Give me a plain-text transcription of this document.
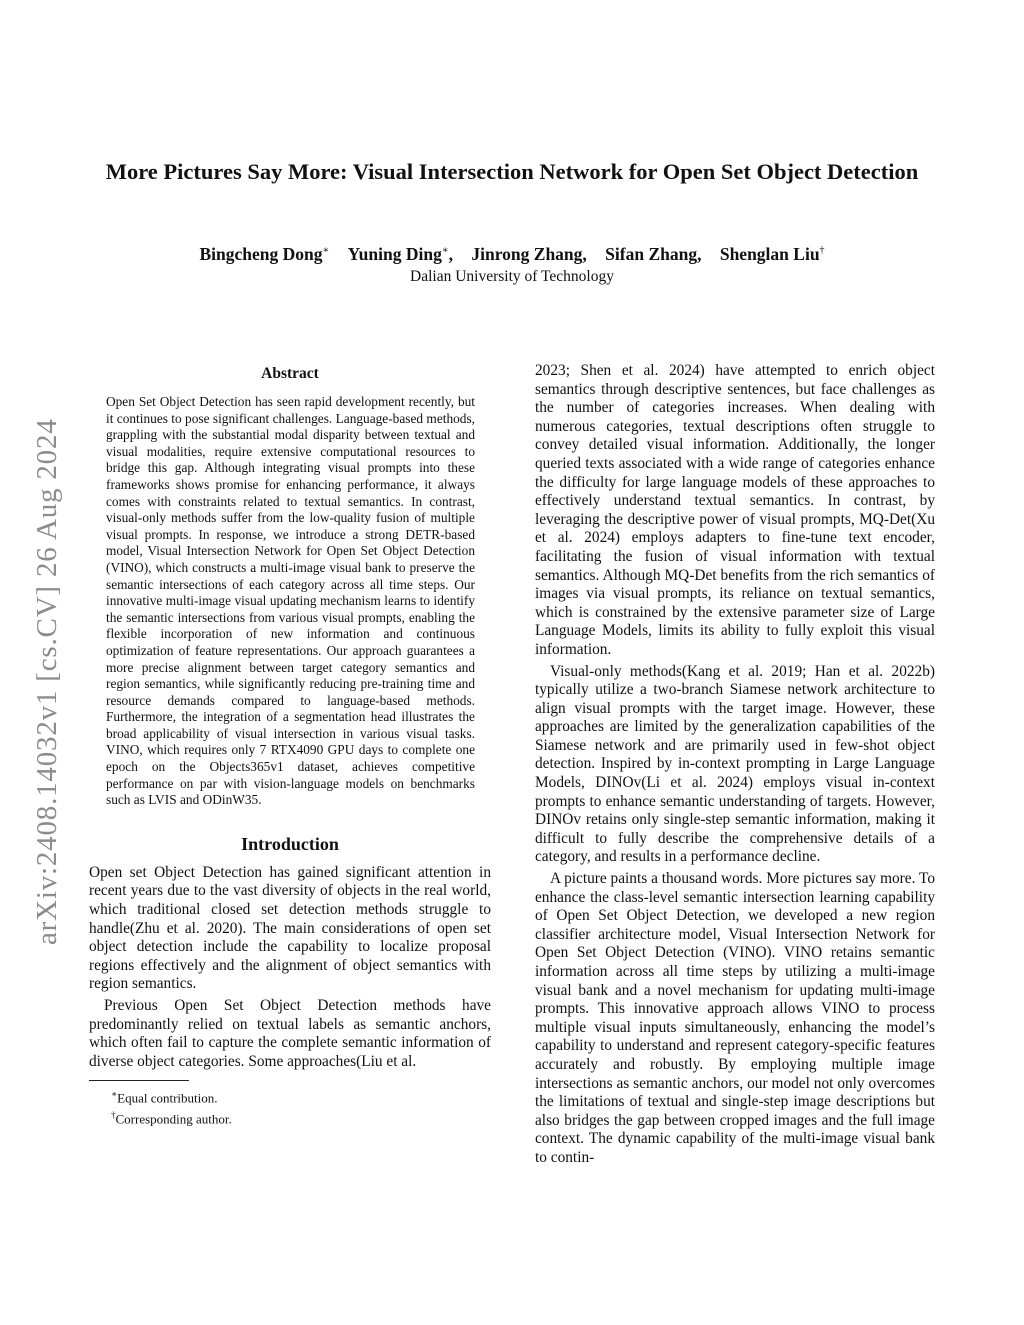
arXiv:2408.14032v1 [cs.CV] 26 Aug 2024
More Pictures Say More: Visual Intersection Network for Open Set Object Detection
Bingcheng Dong∗ Yuning Ding∗, Jinrong Zhang, Sifan Zhang, Shenglan Liu†
Dalian University of Technology
Abstract
Open Set Object Detection has seen rapid development recently, but it continues to pose significant challenges. Language-based methods, grappling with the substantial modal disparity between textual and visual modalities, require extensive computational resources to bridge this gap. Although integrating visual prompts into these frameworks shows promise for enhancing performance, it always comes with constraints related to textual semantics. In contrast, visual-only methods suffer from the low-quality fusion of multiple visual prompts. In response, we introduce a strong DETR-based model, Visual Intersection Network for Open Set Object Detection (VINO), which constructs a multi-image visual bank to preserve the semantic intersections of each category across all time steps. Our innovative multi-image visual updating mechanism learns to identify the semantic intersections from various visual prompts, enabling the flexible incorporation of new information and continuous optimization of feature representations. Our approach guarantees a more precise alignment between target category semantics and region semantics, while significantly reducing pre-training time and resource demands compared to language-based methods. Furthermore, the integration of a segmentation head illustrates the broad applicability of visual intersection in various visual tasks. VINO, which requires only 7 RTX4090 GPU days to complete one epoch on the Objects365v1 dataset, achieves competitive performance on par with vision-language models on benchmarks such as LVIS and ODinW35.
Introduction

Open set Object Detection has gained significant attention in recent years due to the vast diversity of objects in the real world, which traditional closed set detection methods struggle to handle(Zhu et al. 2020). The main considerations of open set object detection include the capability to localize proposal regions effectively and the alignment of object semantics with region semantics.

Previous Open Set Object Detection methods have predominantly relied on textual labels as semantic anchors, which often fail to capture the complete semantic information of diverse object categories. Some approaches(Liu et al.

∗Equal contribution.
†Corresponding author.

2023; Shen et al. 2024) have attempted to enrich object semantics through descriptive sentences, but face challenges as the number of categories increases. When dealing with numerous categories, textual descriptions often struggle to convey detailed visual information. Additionally, the longer queried texts associated with a wide range of categories enhance the difficulty for large language models of these approaches to effectively understand textual semantics. In contrast, by leveraging the descriptive power of visual prompts, MQ-Det(Xu et al. 2024) employs adapters to fine-tune text encoder, facilitating the fusion of visual information with textual semantics. Although MQ-Det benefits from the rich semantics of images via visual prompts, its reliance on textual semantics, which is constrained by the extensive parameter size of Large Language Models, limits its ability to fully exploit this visual information.

Visual-only methods(Kang et al. 2019; Han et al. 2022b) typically utilize a two-branch Siamese network architecture to align visual prompts with the target image. However, these approaches are limited by the generalization capabilities of the Siamese network and are primarily used in few-shot object detection. Inspired by in-context prompting in Large Language Models, DINOv(Li et al. 2024) employs visual in-context prompts to enhance semantic understanding of targets. However, DINOv retains only single-step semantic information, making it difficult to fully describe the comprehensive details of a category, and results in a performance decline.

A picture paints a thousand words. More pictures say more. To enhance the class-level semantic intersection learning capability of Open Set Object Detection, we developed a new region classifier architecture model, Visual Intersection Network for Open Set Object Detection (VINO). VINO retains semantic information across all time steps by utilizing a multi-image visual bank and a novel mechanism for updating multi-image prompts. This innovative approach allows VINO to process multiple visual inputs simultaneously, enhancing the model’s capability to understand and represent category-specific features accurately and robustly. By employing multiple image intersections as semantic anchors, our model not only overcomes the limitations of textual and single-step image descriptions but also bridges the gap between cropped images and the full image context. The dynamic capability of the multi-image visual bank to contin-
